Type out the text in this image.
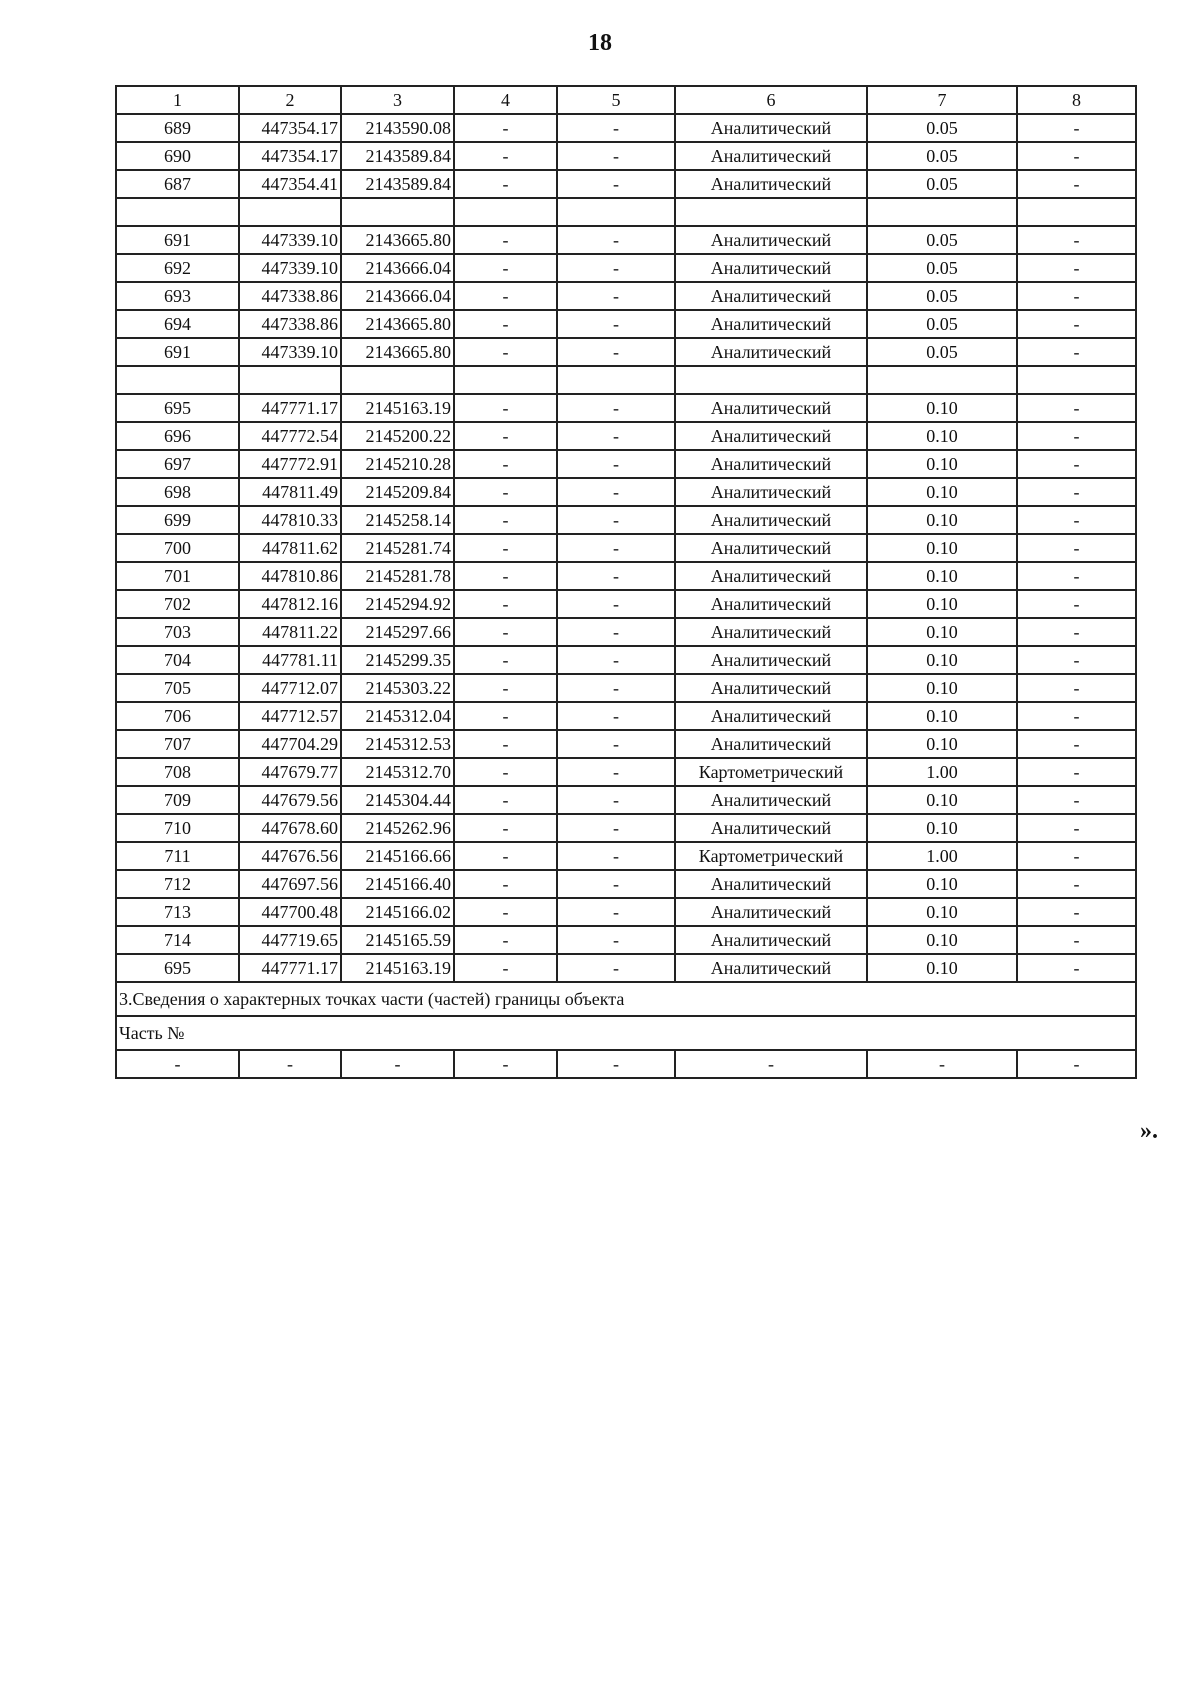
18
1	2	3	4	5	6	7	8
689	447354.17	2143590.08	-	-	Аналитический	0.05	-
690	447354.17	2143589.84	-	-	Аналитический	0.05	-
687	447354.41	2143589.84	-	-	Аналитический	0.05	-

691	447339.10	2143665.80	-	-	Аналитический	0.05	-
692	447339.10	2143666.04	-	-	Аналитический	0.05	-
693	447338.86	2143666.04	-	-	Аналитический	0.05	-
694	447338.86	2143665.80	-	-	Аналитический	0.05	-
691	447339.10	2143665.80	-	-	Аналитический	0.05	-

695	447771.17	2145163.19	-	-	Аналитический	0.10	-
696	447772.54	2145200.22	-	-	Аналитический	0.10	-
697	447772.91	2145210.28	-	-	Аналитический	0.10	-
698	447811.49	2145209.84	-	-	Аналитический	0.10	-
699	447810.33	2145258.14	-	-	Аналитический	0.10	-
700	447811.62	2145281.74	-	-	Аналитический	0.10	-
701	447810.86	2145281.78	-	-	Аналитический	0.10	-
702	447812.16	2145294.92	-	-	Аналитический	0.10	-
703	447811.22	2145297.66	-	-	Аналитический	0.10	-
704	447781.11	2145299.35	-	-	Аналитический	0.10	-
705	447712.07	2145303.22	-	-	Аналитический	0.10	-
706	447712.57	2145312.04	-	-	Аналитический	0.10	-
707	447704.29	2145312.53	-	-	Аналитический	0.10	-
708	447679.77	2145312.70	-	-	Картометрический	1.00	-
709	447679.56	2145304.44	-	-	Аналитический	0.10	-
710	447678.60	2145262.96	-	-	Аналитический	0.10	-
711	447676.56	2145166.66	-	-	Картометрический	1.00	-
712	447697.56	2145166.40	-	-	Аналитический	0.10	-
713	447700.48	2145166.02	-	-	Аналитический	0.10	-
714	447719.65	2145165.59	-	-	Аналитический	0.10	-
695	447771.17	2145163.19	-	-	Аналитический	0.10	-
3.Сведения о характерных точках части (частей) границы объекта							
Часть №							
-	-	-	-	-	-	-	-
».
